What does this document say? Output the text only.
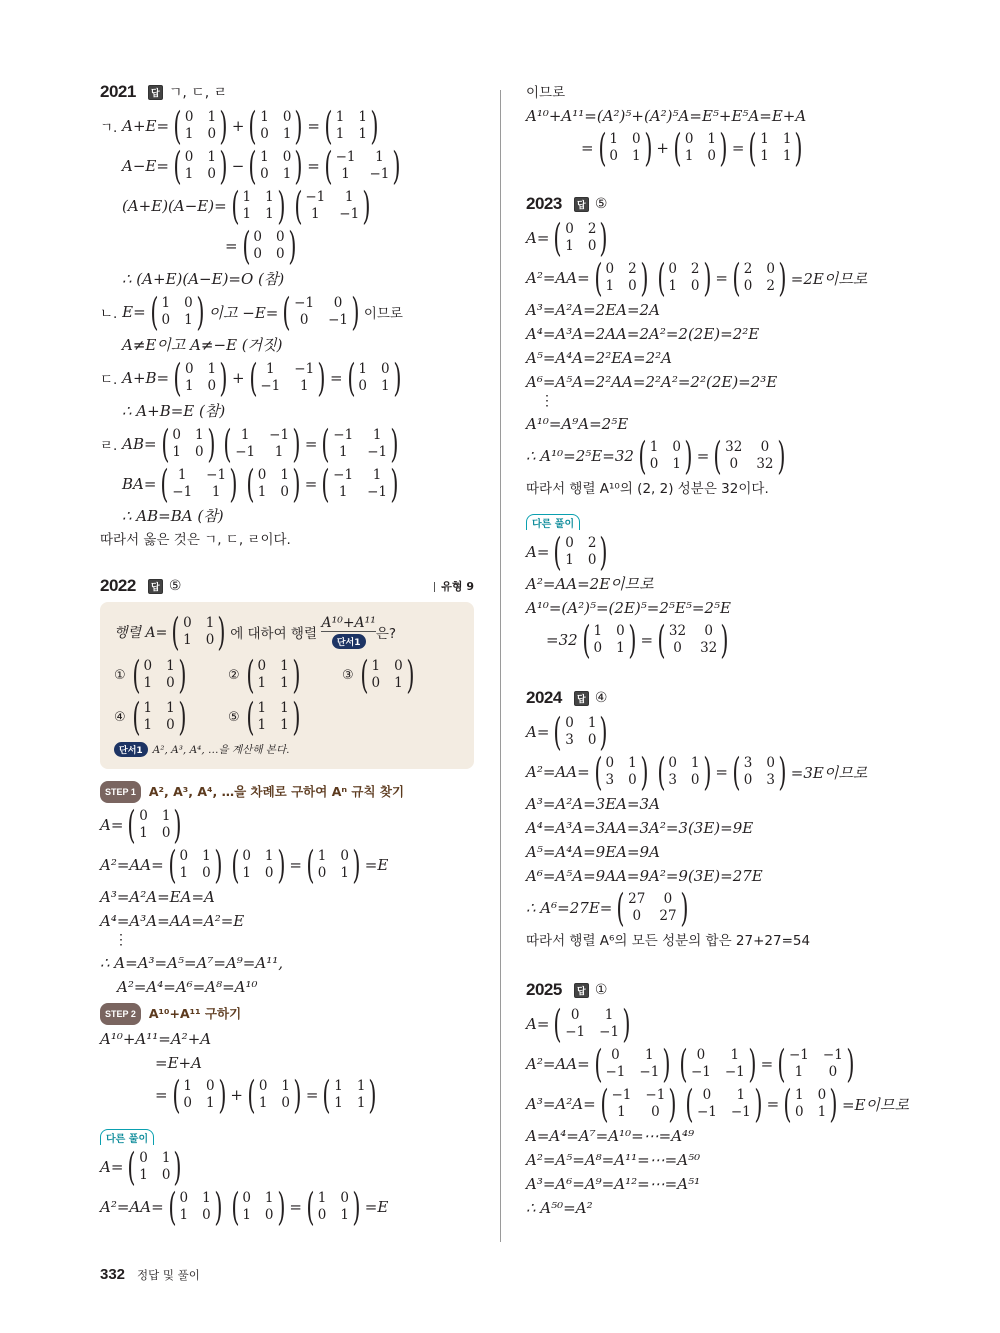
2021	답 ㄱ, ㄷ, ㄹ
ㄱ.
A+E= ( 0 1
1 0 ) + ( 1 0
0 1 ) = ( 1 1
1 1 )
A−E= ( 0 1
1 0 ) − ( 1 0
0 1 ) = ( −1	1
1	−1 )
(A+E)(A−E)= ( 1 1
1 1 ) ( −1	1
1	−1 )
= ( 0 0
0 0 )
∴ (A+E)(A−E)=O (참)
ㄴ.
E= ( 1 0
0 1 ) 이고 −E= ( −1	0
0	−1 ) 이므로
A≠E이고 A≠−E (거짓)
ㄷ.
A+B= ( 0 1
1 0 ) + ( 1	−1
−1	1 ) = ( 1 0
0 1 )
∴ A+B=E (참)
ㄹ.
AB= ( 0 1
1 0 ) ( 1	−1
−1	1 ) = ( −1	1
1	−1 )
BA= ( 1	−1
−1	1 ) ( 0 1
1 0 ) = ( −1	1
1	−1 )
∴ AB=BA (참)
따라서 옳은 것은 ㄱ, ㄷ, ㄹ이다.
2022	답 ⑤	유형 9
행렬 A= ( 0 1
1 0 ) 에 대하여 행렬

A¹⁰+A¹¹
단서1
은?
① ( 0 1
1 0 )	② ( 0 1
1 1 )	③ ( 1 0
0 1 )
④ ( 1 1
1 0 )	⑤ ( 1 1
1 1 )
단서1 A², A³, A⁴, …을 계산해 본다.
STEP 1	A², A³, A⁴, …을 차례로 구하여 Aⁿ 규칙 찾기
A= ( 0 1
1 0 )
A²=AA= ( 0 1
1 0 ) ( 0 1
1 0 ) = ( 1 0
0 1 ) =E
A³=A²A=EA=A
A⁴=A³A=AA=A²=E
⋮
∴ A=A³=A⁵=A⁷=A⁹=A¹¹,
A²=A⁴=A⁶=A⁸=A¹⁰
STEP 2	A¹⁰+A¹¹ 구하기
A¹⁰+A¹¹=A²+A
=E+A
= ( 1 0
0 1 ) + ( 0 1
1 0 ) = ( 1 1
1 1 )
다른 풀이
A= ( 0 1
1 0 )
A²=AA= ( 0 1
1 0 ) ( 0 1
1 0 ) = ( 1 0
0 1 ) =E
이므로
A¹⁰+A¹¹=(A²)⁵+(A²)⁵A=E⁵+E⁵A=E+A
= ( 1 0
0 1 ) + ( 0 1
1 0 ) = ( 1 1
1 1 )
2023	답 ⑤
A= ( 0 2
1 0 )
A²=AA= ( 0 2
1 0 ) ( 0 2
1 0 ) = ( 2 0
0 2 ) =2E이므로
A³=A²A=2EA=2A
A⁴=A³A=2AA=2A²=2(2E)=2²E
A⁵=A⁴A=2²EA=2²A
A⁶=A⁵A=2²AA=2²A²=2²(2E)=2³E
⋮
A¹⁰=A⁹A=2⁵E
∴ A¹⁰=2⁵E=32 ( 1 0
0 1 ) = ( 32	0
0	32 )
따라서 행렬 A¹⁰의 (2, 2) 성분은 32이다.
다른 풀이
A= ( 0 2
1 0 )
A²=AA=2E이므로
A¹⁰=(A²)⁵=(2E)⁵=2⁵E⁵=2⁵E
=32 ( 1 0
0 1 ) = ( 32	0
0	32 )
2024	답 ④
A= ( 0 1
3 0 )
A²=AA= ( 0 1
3 0 ) ( 0 1
3 0 ) = ( 3 0
0 3 ) =3E이므로
A³=A²A=3EA=3A
A⁴=A³A=3AA=3A²=3(3E)=9E
A⁵=A⁴A=9EA=9A
A⁶=A⁵A=9AA=9A²=9(3E)=27E
∴ A⁶=27E= ( 27	0
0	27 )
따라서 행렬 A⁶의 모든 성분의 합은 27+27=54
2025	답 ①
A= ( 0	1
−1 −1 )
A²=AA= ( 0	1
−1 −1 ) ( 0	1
−1 −1 ) = ( −1 −1
1	0 )
A³=A²A= ( −1 −1
1	0 ) ( 0	1
−1 −1 ) = ( 1 0
0 1 ) =E이므로
A=A⁴=A⁷=A¹⁰=⋯=A⁴⁹
A²=A⁵=A⁸=A¹¹=⋯=A⁵⁰
A³=A⁶=A⁹=A¹²=⋯=A⁵¹
∴ A⁵⁰=A²
332 정답 및 풀이
